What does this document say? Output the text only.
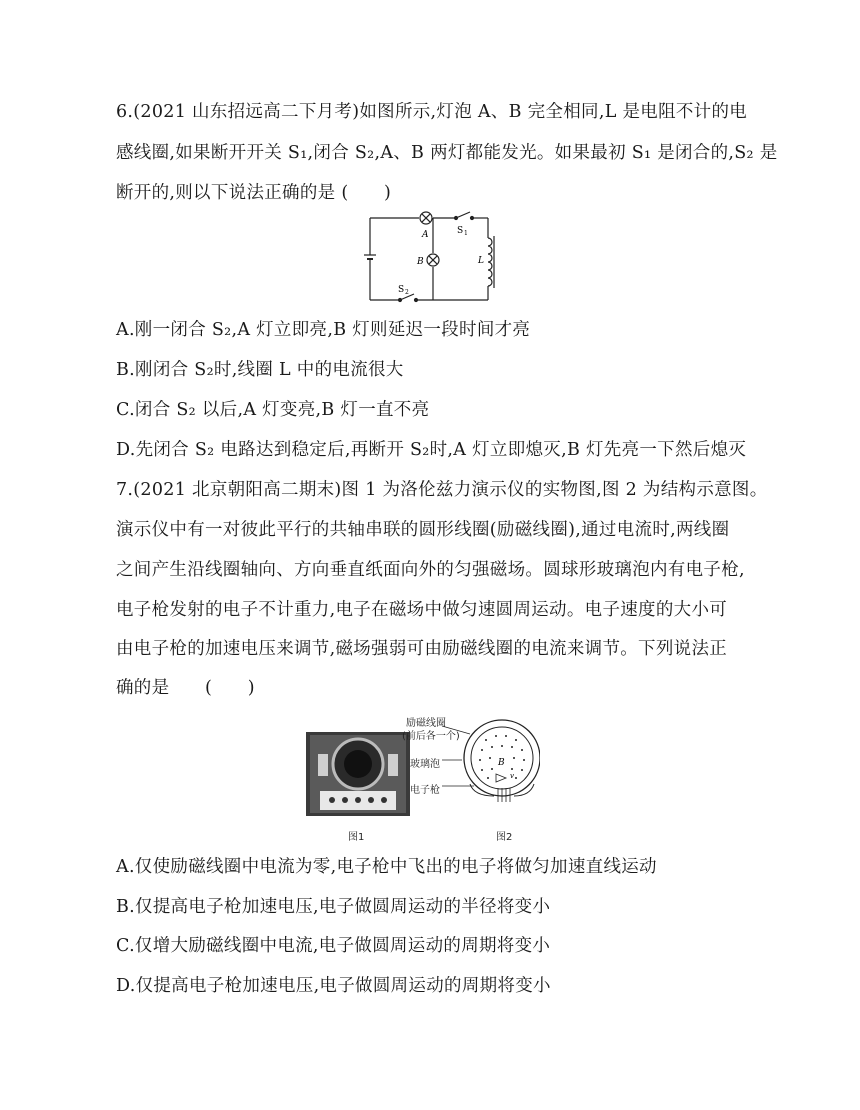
6.(2021 山东招远高二下月考)如图所示,灯泡 A、B 完全相同,L 是电阻不计的电
感线圈,如果断开开关 S₁,闭合 S₂,A、B 两灯都能发光。如果最初 S₁ 是闭合的,S₂ 是
断开的,则以下说法正确的是 (　　)
A
B
S 1
L
S 2
A.刚一闭合 S₂,A 灯立即亮,B 灯则延迟一段时间才亮
B.刚闭合 S₂时,线圈 L 中的电流很大
C.闭合 S₂ 以后,A 灯变亮,B 灯一直不亮
D.先闭合 S₂ 电路达到稳定后,再断开 S₂时,A 灯立即熄灭,B 灯先亮一下然后熄灭
7.(2021 北京朝阳高二期末)图 1 为洛伦兹力演示仪的实物图,图 2 为结构示意图。
演示仪中有一对彼此平行的共轴串联的圆形线圈(励磁线圈),通过电流时,两线圈
之间产生沿线圈轴向、方向垂直纸面向外的匀强磁场。圆球形玻璃泡内有电子枪,
电子枪发射的电子不计重力,电子在磁场中做匀速圆周运动。电子速度的大小可
由电子枪的加速电压来调节,磁场强弱可由励磁线圈的电流来调节。下列说法正
确的是　　(　　)
图1
B
v
励磁线圈
(前后各一个)
玻璃泡
电子枪
图2
A.仅使励磁线圈中电流为零,电子枪中飞出的电子将做匀加速直线运动
B.仅提高电子枪加速电压,电子做圆周运动的半径将变小
C.仅增大励磁线圈中电流,电子做圆周运动的周期将变小
D.仅提高电子枪加速电压,电子做圆周运动的周期将变小
